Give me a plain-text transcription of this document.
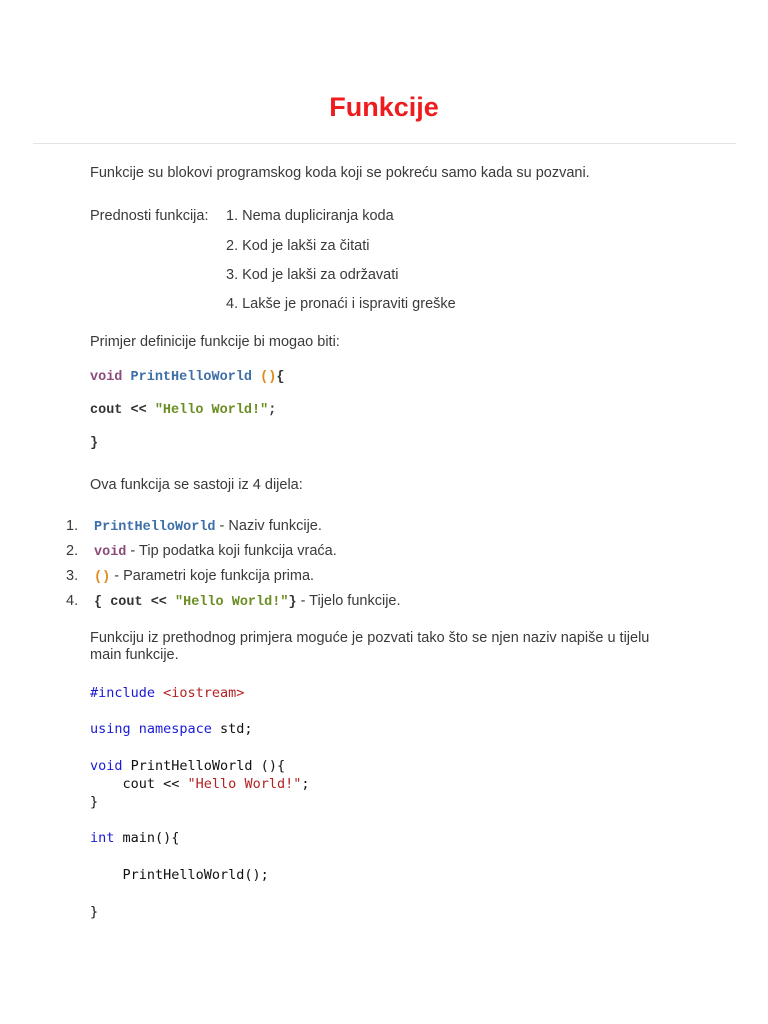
Funkcije

Funkcije su blokovi programskog koda koji se pokreću samo kada su pozvani.

Prednosti funkcija: 1. Nema dupliciranja koda
2. Kod je lakši za čitati
3. Kod je lakši za održavati
4. Lakše je pronaći i ispraviti greške

Primjer definicije funkcije bi mogao biti:

void PrintHelloWorld (){
cout << "Hello World!";
}

Ova funkcija se sastoji iz 4 dijela:

1. PrintHelloWorld - Naziv funkcije.
2. void - Tip podatka koji funkcija vraća.
3. () - Parametri koje funkcija prima.
4. { cout << "Hello World!"} - Tijelo funkcije.

Funkciju iz prethodnog primjera moguće je pozvati tako što se njen naziv napiše u tijelu main funkcije.

#include <iostream>
using namespace std;
void PrintHelloWorld (){
cout << "Hello World!";
}
int main(){
PrintHelloWorld();
}
